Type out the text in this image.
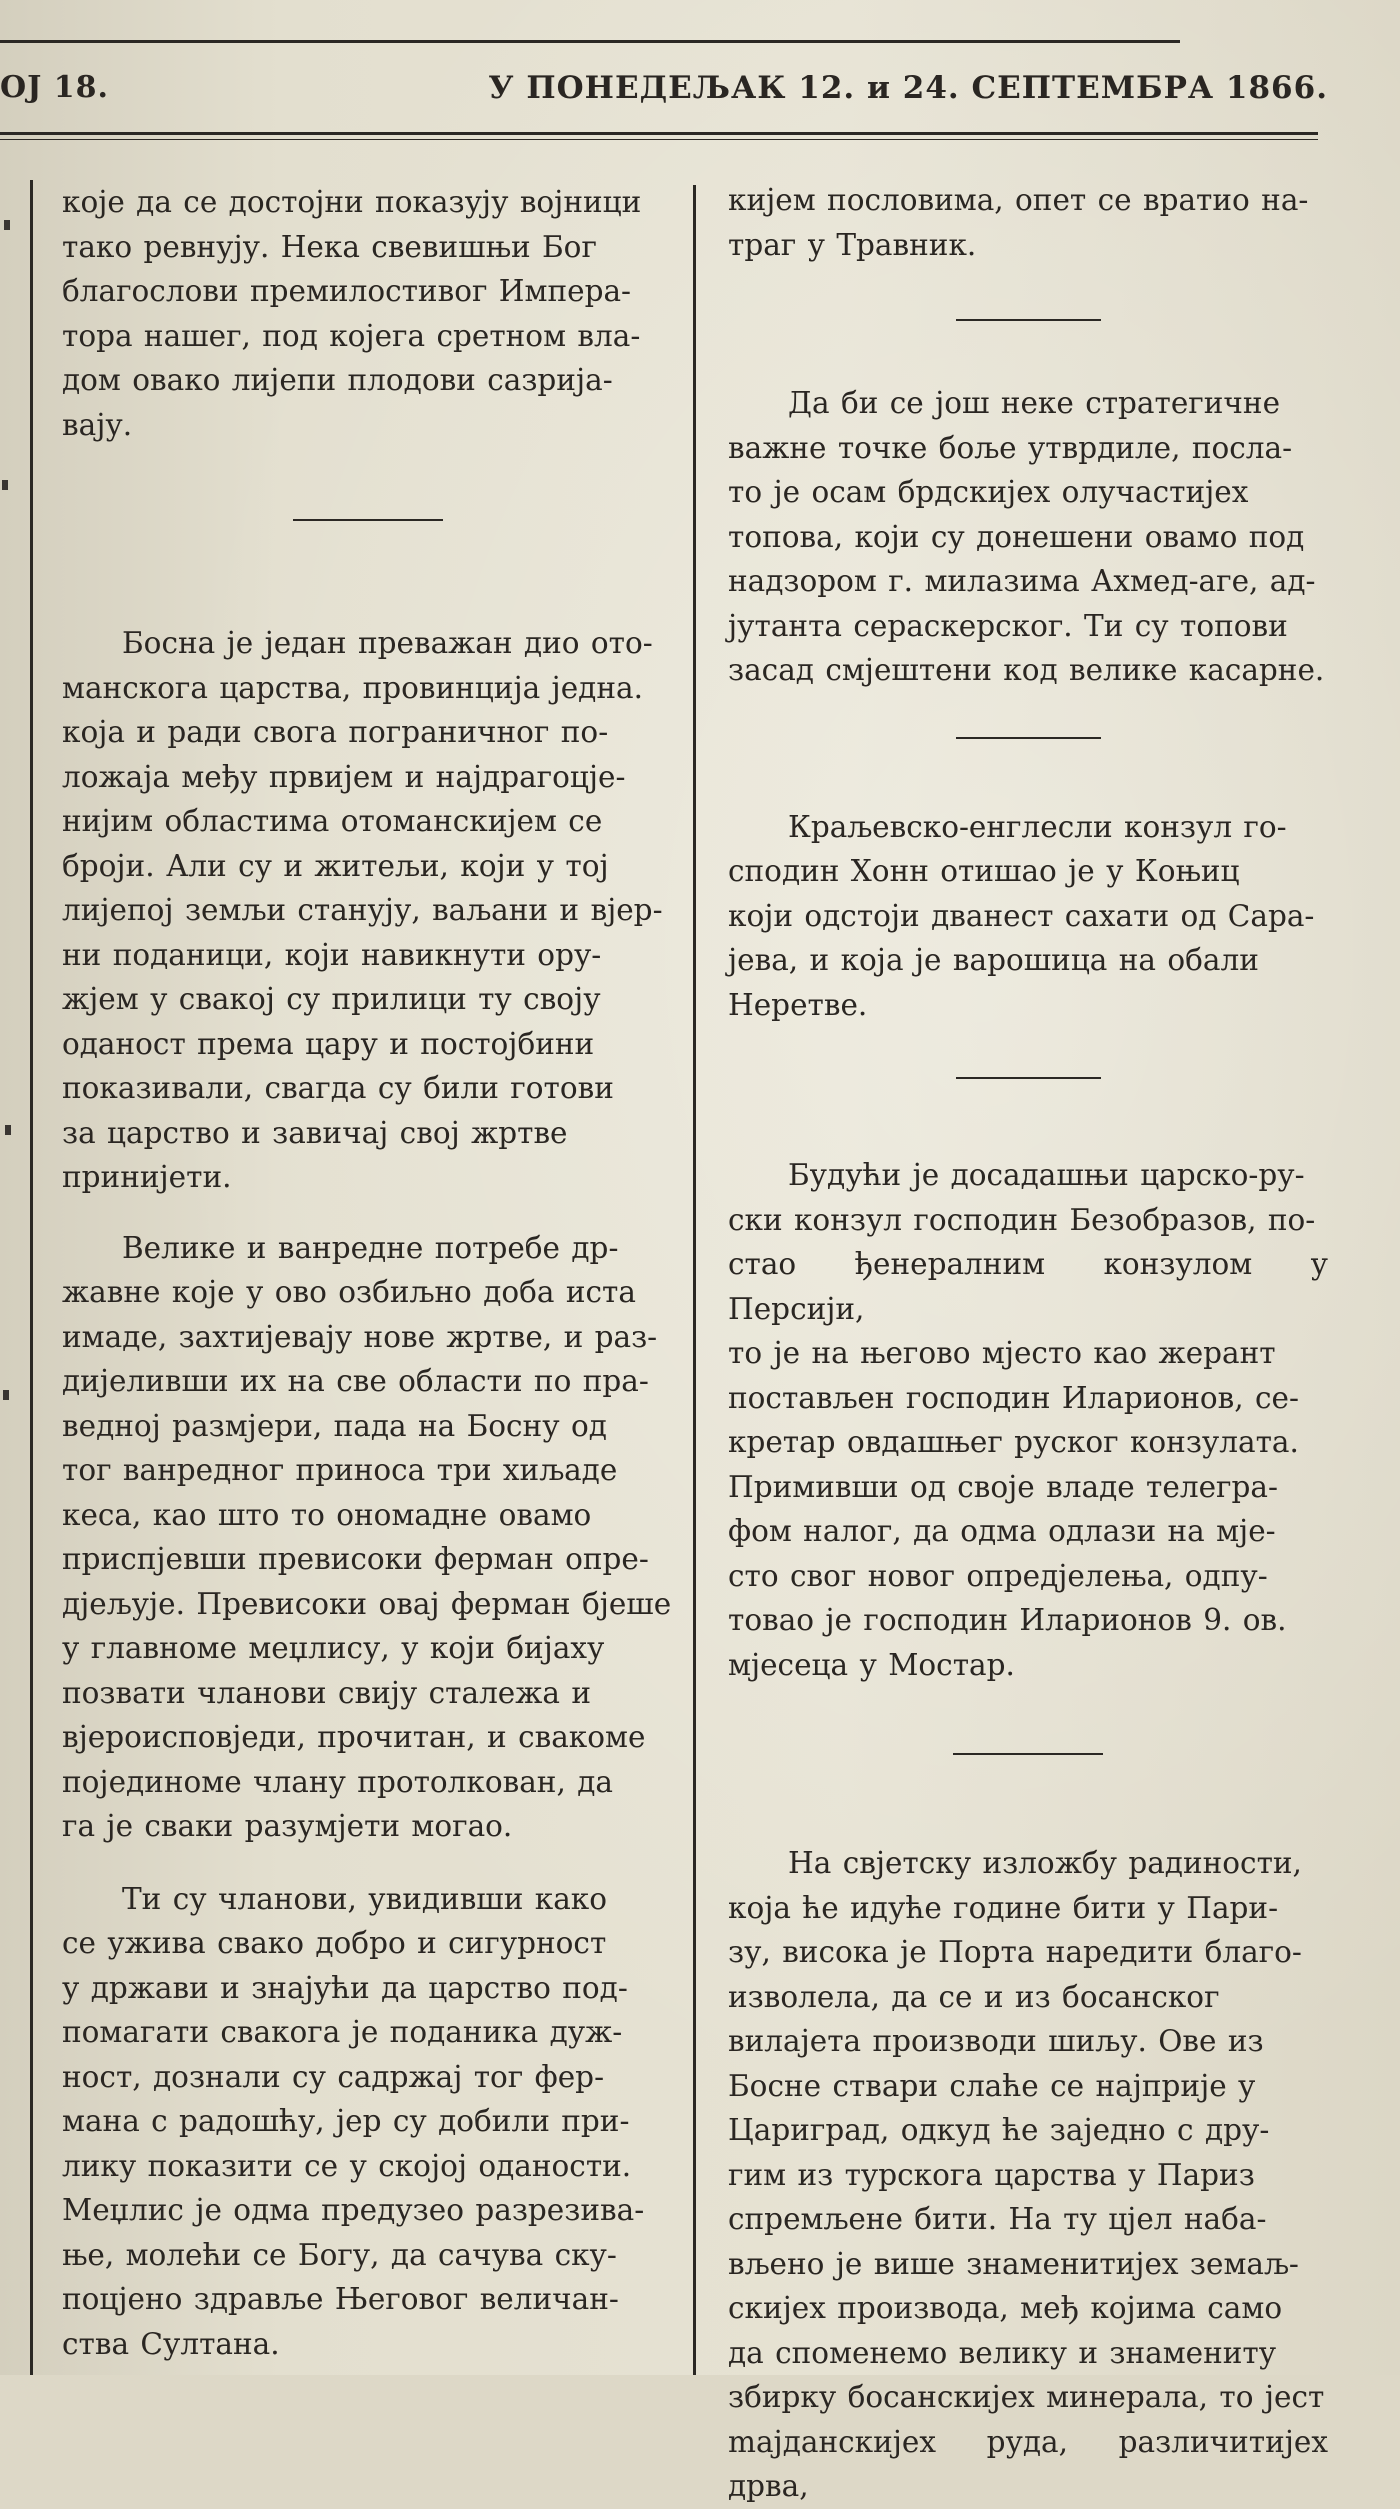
ОЈ 18.	У ПОНЕДЕЉАК 12. и 24. СЕПТЕМБРА 1866.

које да се достојни показују војници
тако ревнују. Нека свевишњи Бог
благослови премилостивог Импера-
тора нашег, под којега сретном вла-
дом овако лијепи плодови сазрија-
вају.

Босна је један преважан дио ото-
манскога царства, провинција једна.
која и ради свога пограничног по-
ложаја међу првијем и најдрагоцје-
нијим областима отоманскијем се
броји. Али су и житељи, који у тој
лијепој земљи станују, ваљани и вјер-
ни поданици, који навикнути ору-
жјем у свакој су прилици ту своју
оданост према цару и постојбини
показивали, свагда су били готови
за царство и завичај свој жртве
принијети.

Велике и ванредне потребе др-
жавне које у ово озбиљно доба иста
имаде, захтијевају нове жртве, и раз-
дијеливши их на све области по пра-
ведној размјери, пада на Босну од
тог ванредног приноса три хиљаде
кеса, као што то ономадне овамо
приспјевши превисоки ферман опре-
дјељује. Превисоки овај ферман бјеше
у главноме меџлису, у који бијаху
позвати чланови свију сталежа и
вјероисповједи, прочитан, и свакоме
појединоме члану протолкован, да
га је сваки разумјети могао.

Ти су чланови, увидивши како
се ужива свако добро и сигурност
у држави и знајући да царство под-
помагати свакога је поданика дуж-
ност, дознали су садржај тог фер-
мана с радошћу, јер су добили при-
лику показити се у скојој оданости.
Меџлис је одма предузео разрезива-
ње, молећи се Богу, да сачува ску-
поцјено здравље Његовог величан-
ства Султана.

кијем пословима, опет се вратио на-
траг у Травник.

Да би се још неке стратегичне
важне точке боље утврдиле, посла-
то је осам брдскијех олучастијех
топова, који су донешени овамо под
надзором г. милазима Ахмед-аге, ад-
јутанта сераскерског. Ти су топови
засад смјештени код велике касарне.

Краљевско-енглесли конзул го-
сподин Хонн отишао је у Коњиц
који одстоји дванест сахати од Сара-
јева, и која је варошица на обали
Неретве.

Будући је досадашњи царско-ру-
ски конзул господин Безобразов, по-
стао ђенералним конзулом у Персији,
то је на његово мјесто као жерант
постављен господин Иларионов, се-
кретар овдашњег руског конзулата.
Примивши од своје владе телегра-
фом налог, да одма одлази на мје-
сто свог новог опредјелења, одпу-
товао је господин Иларионов 9. ов.
мјесеца у Мостар.

На свјетску изложбу радиности,
која ће идуће године бити у Пари-
зу, висока је Порта наредити благо-
изволела, да се и из босанског
вилајета производи шиљу. Ове из
Босне ствари слаће се најприје у
Цариград, одкуд ће заједно с дру-
гим из турскога царства у Париз
спремљене бити. На ту цјел наба-
вљено је више знаменитијех земаљ-
скијех производа, међ којима само
да споменемо велику и знамениту
збирку босанскијех минерала, то јест
majданскијех руда, различитијех дрва,
